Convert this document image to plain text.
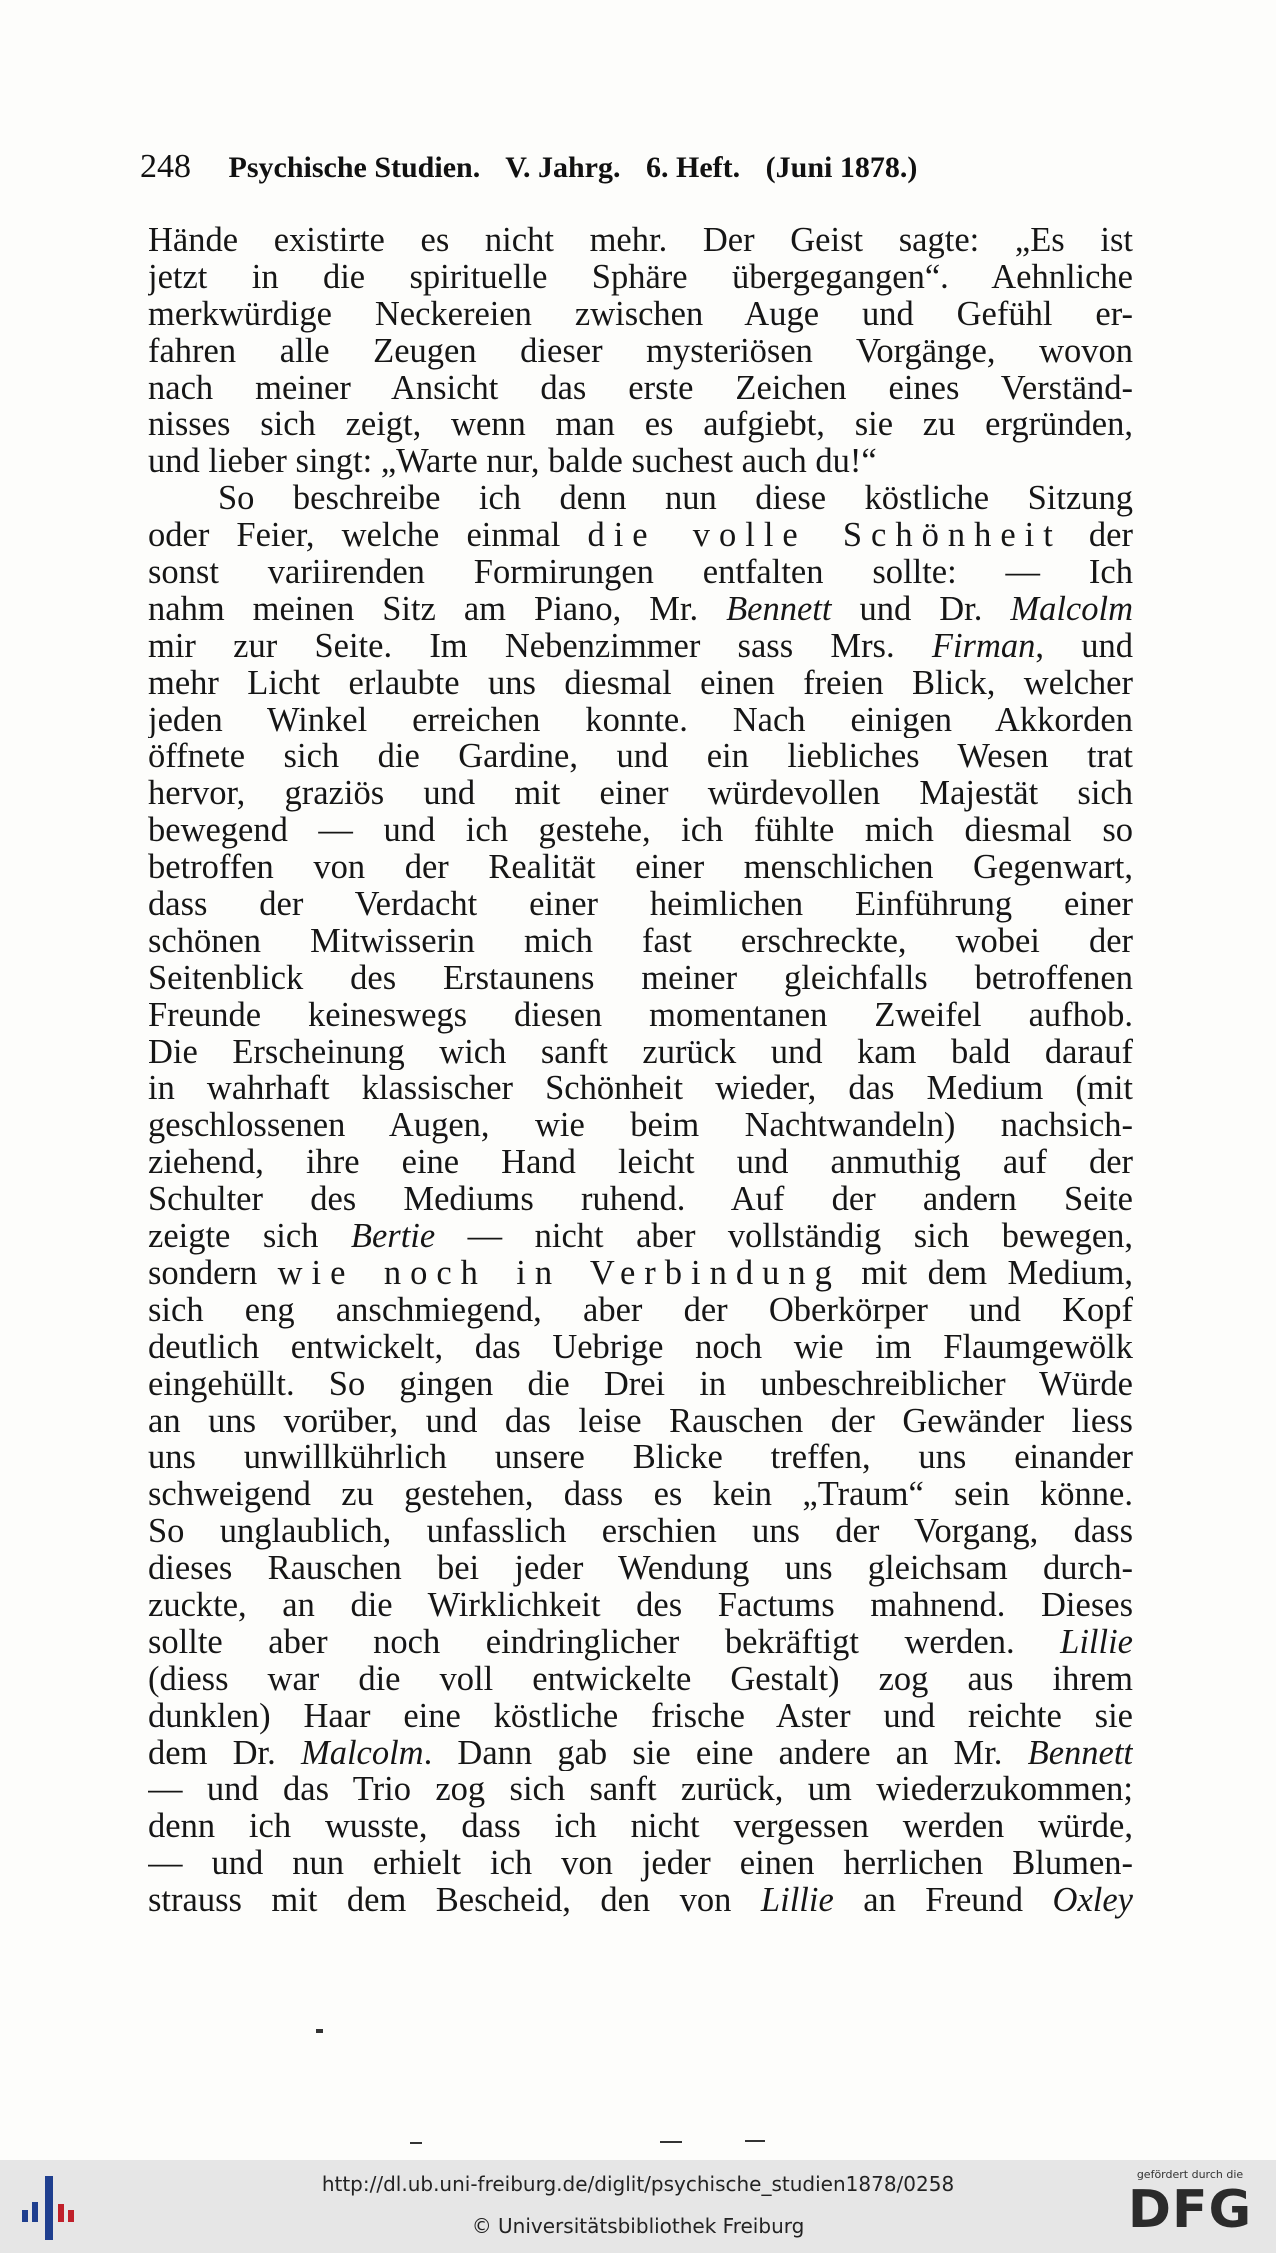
248 Psychische Studien. V. Jahrg. 6. Heft. (Juni 1878.)
Hände existirte es nicht mehr. Der Geist sagte: „Es ist
jetzt in die spirituelle Sphäre übergegangen“. Aehnliche
merkwürdige Neckereien zwischen Auge und Gefühl er-
fahren alle Zeugen dieser mysteriösen Vorgänge, wovon
nach meiner Ansicht das erste Zeichen eines Verständ-
nisses sich zeigt, wenn man es aufgiebt, sie zu ergründen,
und lieber singt: „Warte nur, balde suchest auch du!“
So beschreibe ich denn nun diese köstliche Sitzung
oder Feier, welche einmal die volle Schönheit der
sonst variirenden Formirungen entfalten sollte: — Ich
nahm meinen Sitz am Piano, Mr. Bennett und Dr. Malcolm
mir zur Seite. Im Nebenzimmer sass Mrs. Firman, und
mehr Licht erlaubte uns diesmal einen freien Blick, welcher
jeden Winkel erreichen konnte. Nach einigen Akkorden
öffnete sich die Gardine, und ein liebliches Wesen trat
hervor, graziös und mit einer würdevollen Majestät sich
bewegend — und ich gestehe, ich fühlte mich diesmal so
betroffen von der Realität einer menschlichen Gegenwart,
dass der Verdacht einer heimlichen Einführung einer
schönen Mitwisserin mich fast erschreckte, wobei der
Seitenblick des Erstaunens meiner gleichfalls betroffenen
Freunde keineswegs diesen momentanen Zweifel aufhob.
Die Erscheinung wich sanft zurück und kam bald darauf
in wahrhaft klassischer Schönheit wieder, das Medium (mit
geschlossenen Augen, wie beim Nachtwandeln) nachsich-
ziehend, ihre eine Hand leicht und anmuthig auf der
Schulter des Mediums ruhend. Auf der andern Seite
zeigte sich Bertie — nicht aber vollständig sich bewegen,
sondern wie noch in Verbindung mit dem Medium,
sich eng anschmiegend, aber der Oberkörper und Kopf
deutlich entwickelt, das Uebrige noch wie im Flaumgewölk
eingehüllt. So gingen die Drei in unbeschreiblicher Würde
an uns vorüber, und das leise Rauschen der Gewänder liess
uns unwillkührlich unsere Blicke treffen, uns einander
schweigend zu gestehen, dass es kein „Traum“ sein könne.
So unglaublich, unfasslich erschien uns der Vorgang, dass
dieses Rauschen bei jeder Wendung uns gleichsam durch-
zuckte, an die Wirklichkeit des Factums mahnend. Dieses
sollte aber noch eindringlicher bekräftigt werden. Lillie
(diess war die voll entwickelte Gestalt) zog aus ihrem
dunklen) Haar eine köstliche frische Aster und reichte sie
dem Dr. Malcolm. Dann gab sie eine andere an Mr. Bennett
— und das Trio zog sich sanft zurück, um wiederzukommen;
denn ich wusste, dass ich nicht vergessen werden würde,
— und nun erhielt ich von jeder einen herrlichen Blumen-
strauss mit dem Bescheid, den von Lillie an Freund Oxley
http://dl.ub.uni-freiburg.de/diglit/psychische_studien1878/0258
© Universitätsbibliothek Freiburg
gefördert durch die
DFG
